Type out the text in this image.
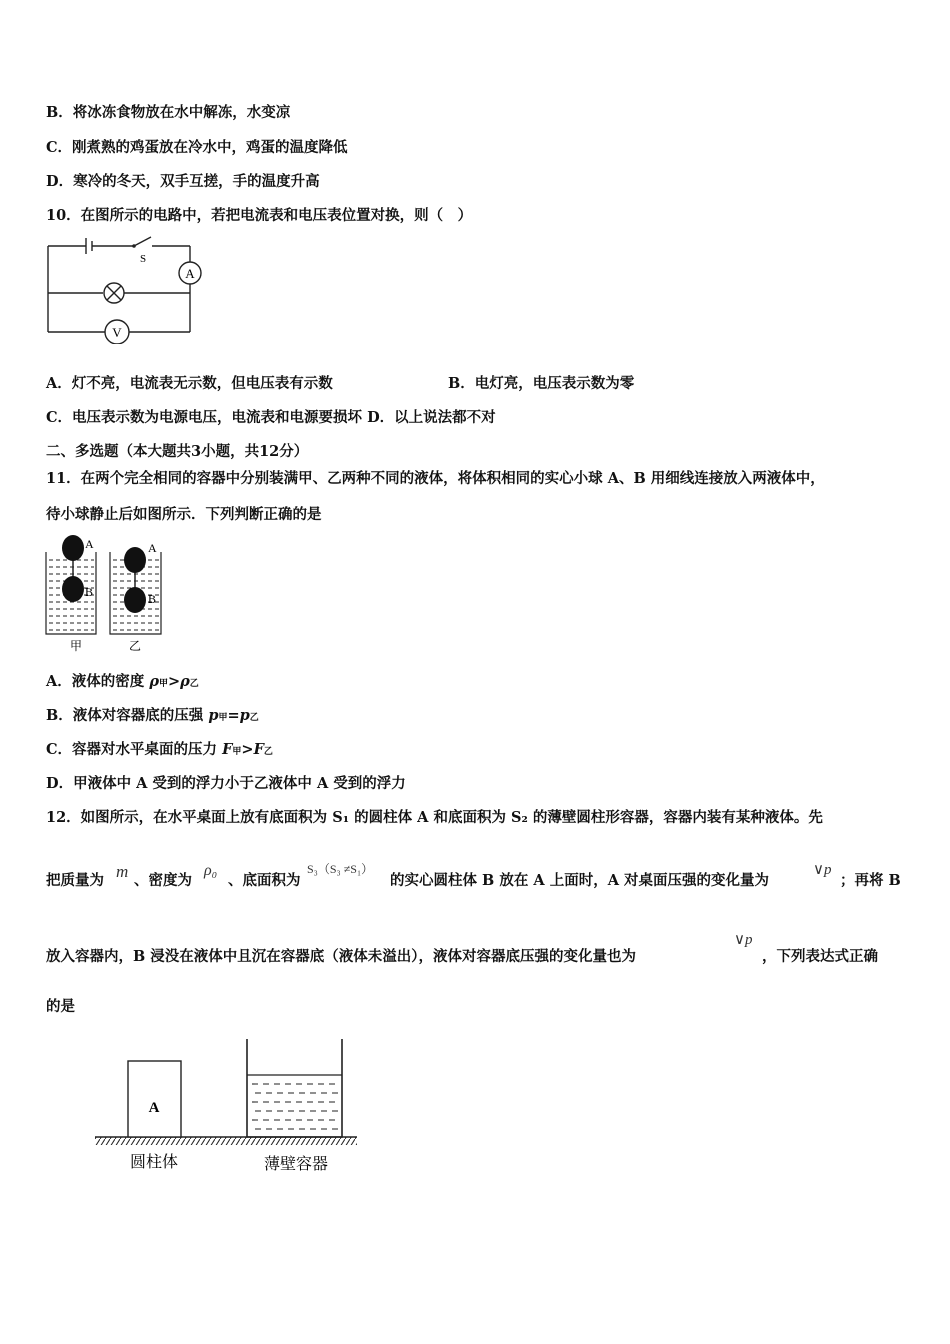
B．将冰冻食物放在水中解冻，水变凉
C．刚煮熟的鸡蛋放在冷水中，鸡蛋的温度降低
D．寒冷的冬天，双手互搓，手的温度升高
10．在图所示的电路中，若把电流表和电压表位置对换，则（　）
S
A
V
A．灯不亮，电流表无示数，但电压表有示数	B．电灯亮，电压表示数为零
C．电压表示数为电源电压，电流表和电源要损坏 D．以上说法都不对
二、多选题（本大题共3小题，共12分）
11．在两个完全相同的容器中分别装满甲、乙两种不同的液体，将体积相同的实心小球 A、B 用细线连接放入两液体中，
待小球静止后如图所示．下列判断正确的是
A
B
A
B
甲	乙
A．液体的密度 ρ甲>ρ乙
B．液体对容器底的压强 p甲=p乙
C．容器对水平桌面的压力 F甲>F乙
D．甲液体中 A 受到的浮力小于乙液体中 A 受到的浮力
12．如图所示，在水平桌面上放有底面积为 S₁ 的圆柱体 A 和底面积为 S₂ 的薄壁圆柱形容器，容器内装有某种液体。先
把质量为 m 、密度为
ρ₀
、底面积为
S₃（S₃ ≠S₁）
的实心圆柱体 B 放在 A 上面时，A 对桌面压强的变化量为
∨p
；再将 B
放入容器内，B 浸没在液体中且沉在容器底（液体未溢出），液体对容器底压强的变化量也为
∨p
，下列表达式正确
的是
A
圆柱体	薄壁容器
